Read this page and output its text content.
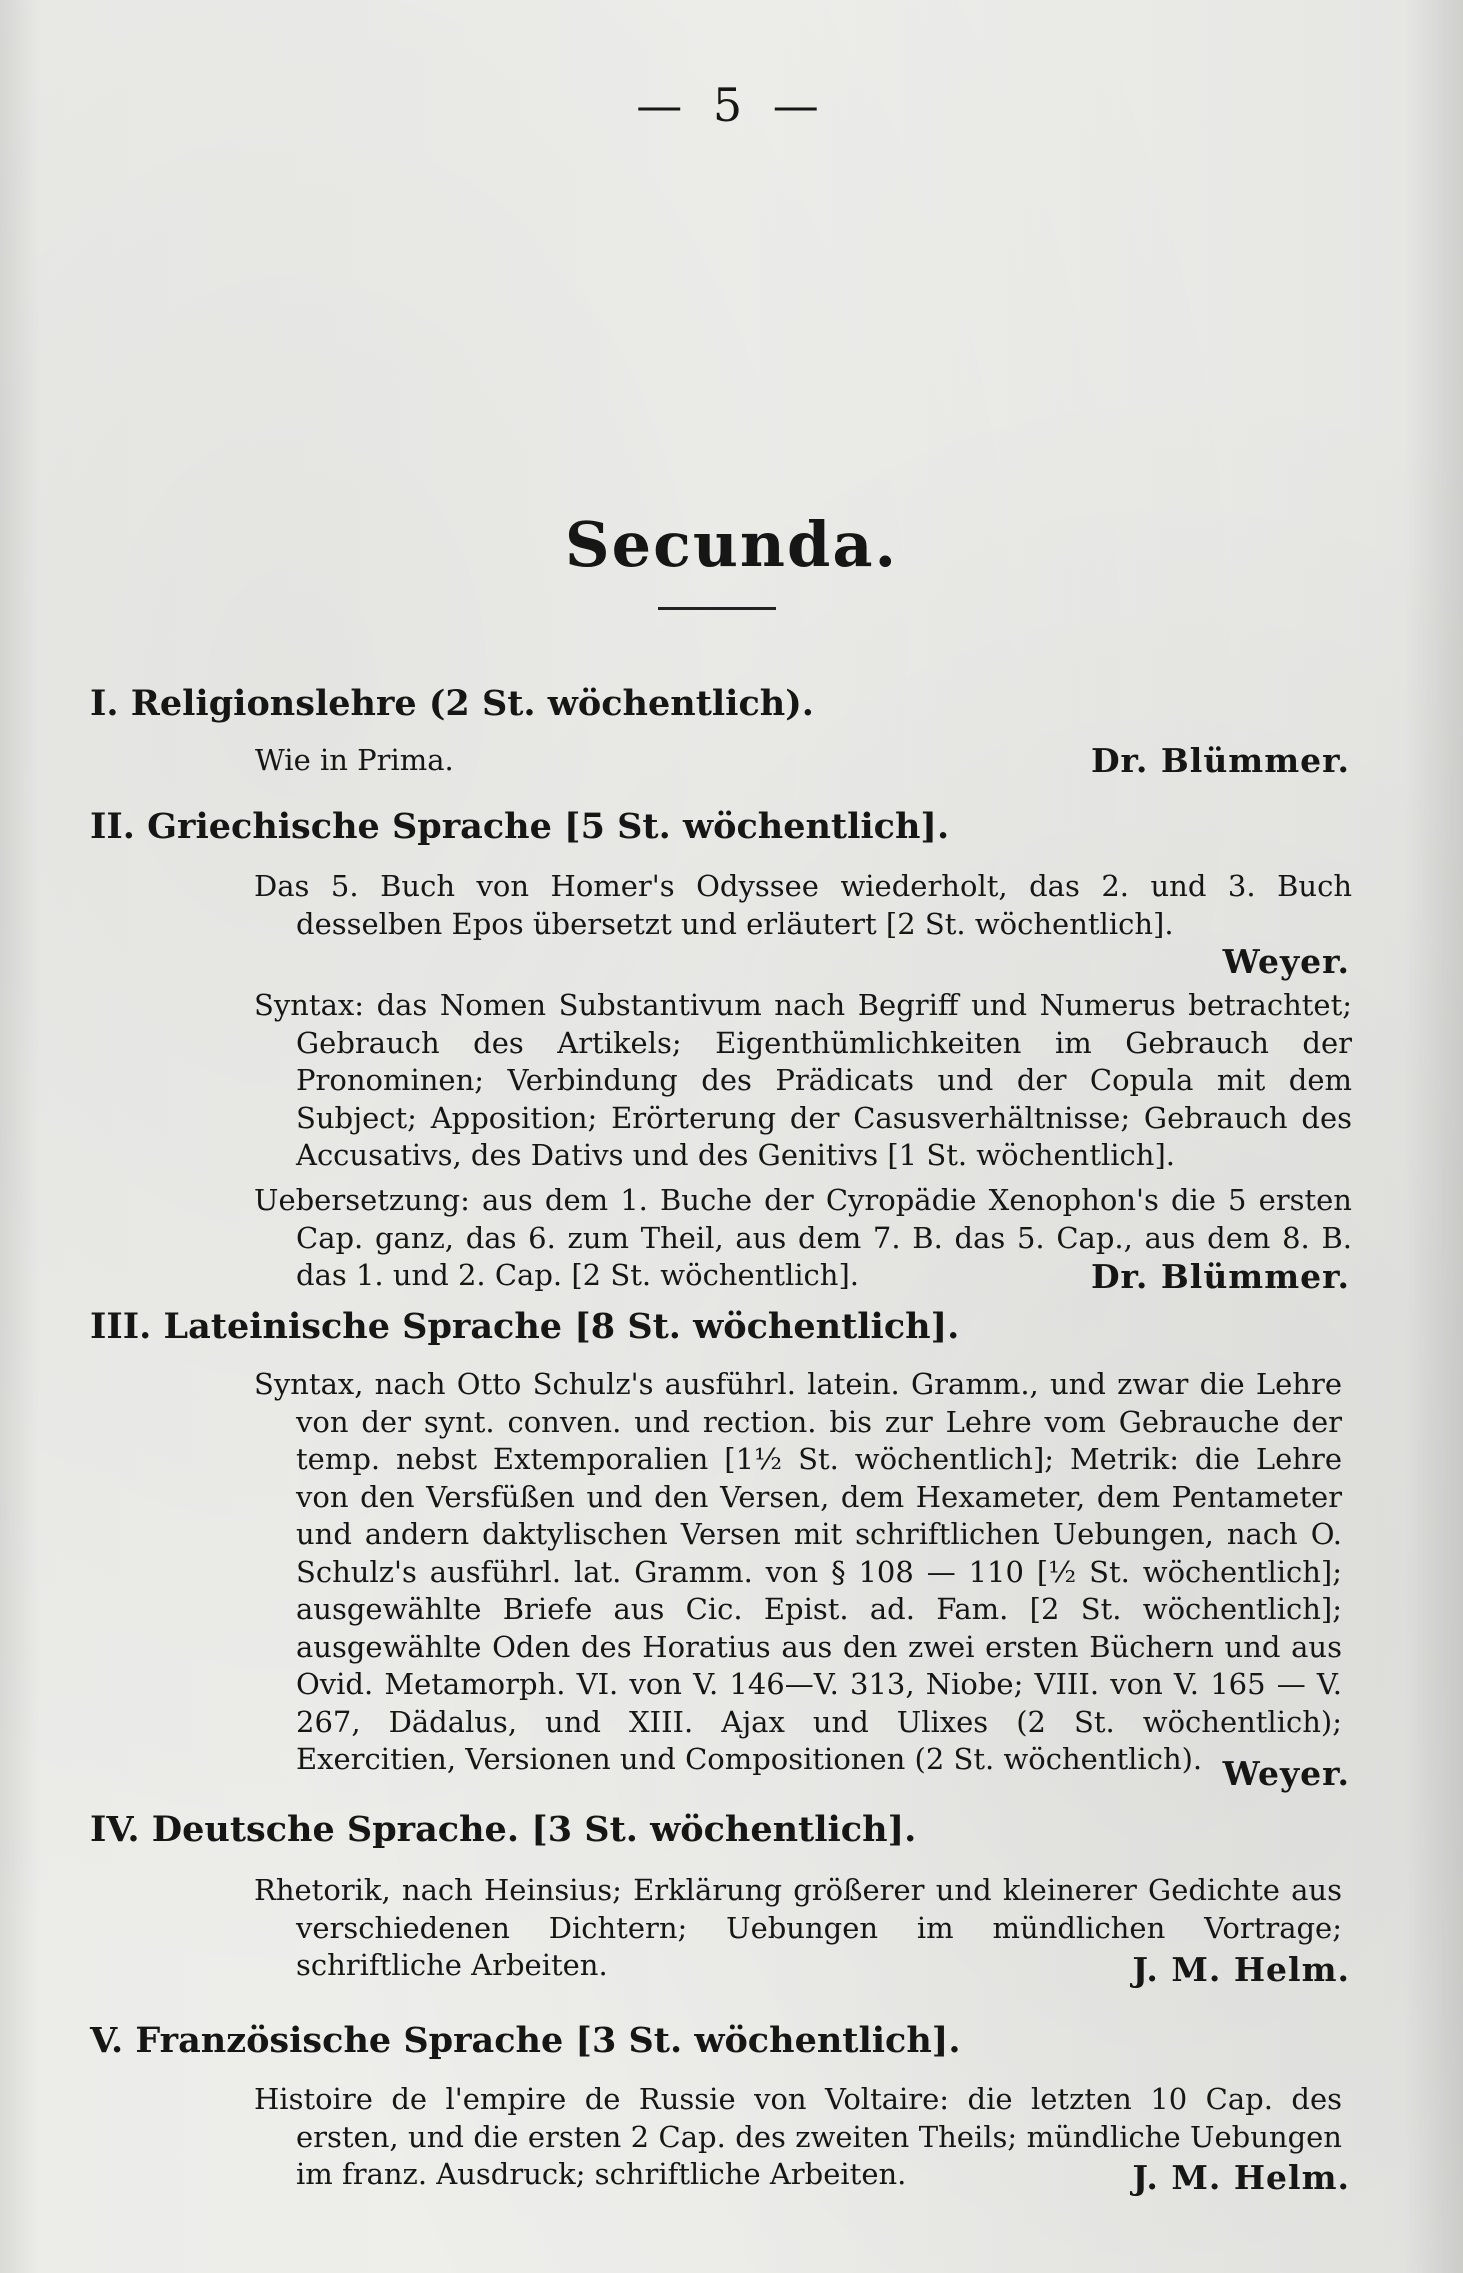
— 5 —
Secunda.
I. Religionslehre (2 St. wöchentlich).

Wie in Prima.	Dr. Blümmer.
II. Griechische Sprache [5 St. wöchentlich].

Das 5. Buch von Homer's Odyssee wiederholt, das 2. und 3. Buch desselben Epos übersetzt und erläutert [2 St. wöchentlich].

Weyer.

Syntax: das Nomen Substantivum nach Begriff und Numerus betrachtet; Gebrauch des Artikels; Eigenthümlichkeiten im Gebrauch der Pronominen; Verbindung des Prädicats und der Copula mit dem Subject; Apposition; Erörterung der Casusverhältnisse; Gebrauch des Accusativs, des Dativs und des Genitivs [1 St. wöchentlich].

Uebersetzung: aus dem 1. Buche der Cyropädie Xenophon's die 5 ersten Cap. ganz, das 6. zum Theil, aus dem 7. B. das 5. Cap., aus dem 8. B. das 1. und 2. Cap. [2 St. wöchentlich].	Dr. Blümmer.
III. Lateinische Sprache [8 St. wöchentlich].

Syntax, nach Otto Schulz's ausführl. latein. Gramm., und zwar die Lehre von der synt. conven. und rection. bis zur Lehre vom Gebrauche der temp. nebst Extemporalien [1½ St. wöchentlich]; Metrik: die Lehre von den Versfüßen und den Versen, dem Hexameter, dem Pentameter und andern daktylischen Versen mit schriftlichen Uebungen, nach O. Schulz's ausführl. lat. Gramm. von § 108 — 110 [½ St. wöchentlich]; ausgewählte Briefe aus Cic. Epist. ad. Fam. [2 St. wöchentlich]; ausgewählte Oden des Horatius aus den zwei ersten Büchern und aus Ovid. Metamorph. VI. von V. 146—V. 313, Niobe; VIII. von V. 165 — V. 267, Dädalus, und XIII. Ajax und Ulixes (2 St. wöchentlich); Exercitien, Versionen und Compositionen (2 St. wöchentlich). Weyer.
IV. Deutsche Sprache. [3 St. wöchentlich].

Rhetorik, nach Heinsius; Erklärung größerer und kleinerer Gedichte aus verschiedenen Dichtern; Uebungen im mündlichen Vortrage; schriftliche Arbeiten.	J. M. Helm.
V. Französische Sprache [3 St. wöchentlich].

Histoire de l'empire de Russie von Voltaire: die letzten 10 Cap. des ersten, und die ersten 2 Cap. des zweiten Theils; mündliche Uebungen im franz. Ausdruck; schriftliche Arbeiten.	J. M. Helm.
